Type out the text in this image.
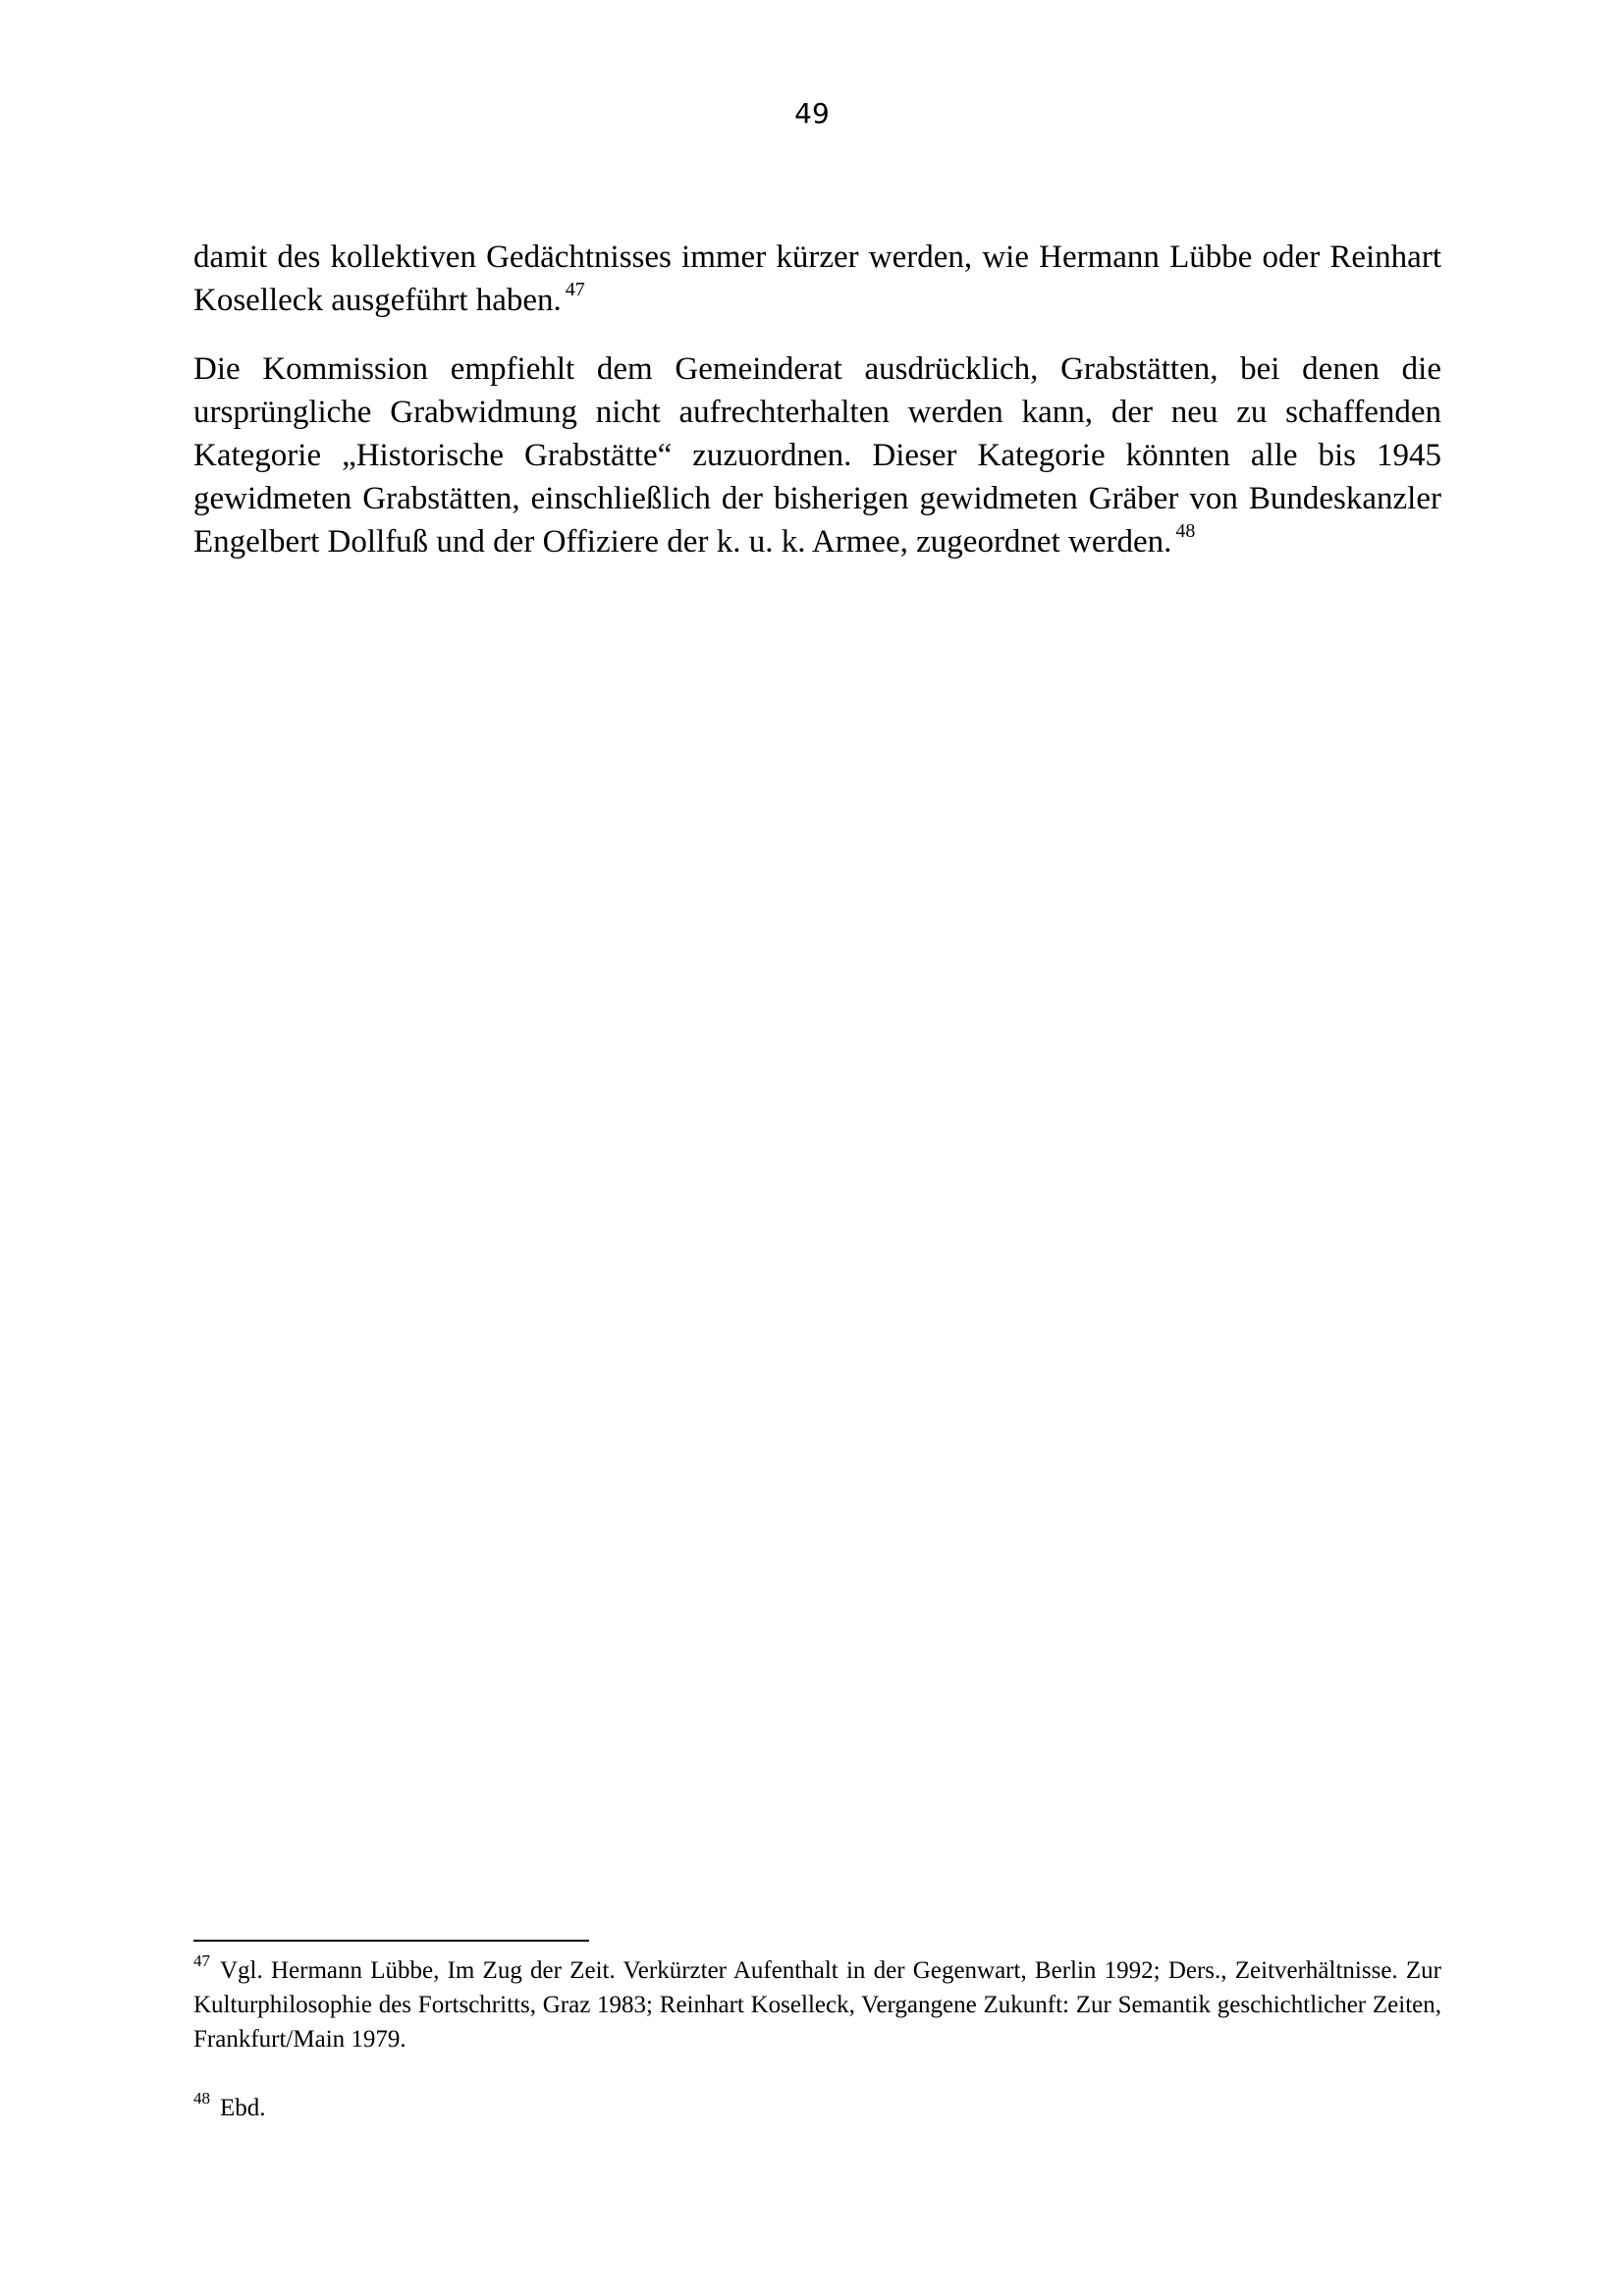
49

damit des kollektiven Gedächtnisses immer kürzer werden, wie Hermann Lübbe oder Reinhart Koselleck ausgeführt haben. $^{47}$

Die Kommission empfiehlt dem Gemeinderat ausdrücklich, Grabstätten, bei denen die ursprüngliche Grabwidmung nicht aufrechterhalten werden kann, der neu zu schaffenden Kategorie „Historische Grabstätte“ zuzuordnen. Dieser Kategorie könnten alle bis 1945 gewidmeten Grabstätten, einschließlich der bisherigen gewidmeten Gräber von Bundeskanzler Engelbert Dollfuß und der Offiziere der k. u. k. Armee, zugeordnet werden. $^{48}$

$^{47}$ Vgl. Hermann Lübbe, Im Zug der Zeit. Verkürzter Aufenthalt in der Gegenwart, Berlin 1992; Ders., Zeitverhältnisse. Zur Kulturphilosophie des Fortschritts, Graz 1983; Reinhart Koselleck, Vergangene Zukunft: Zur Semantik geschichtlicher Zeiten, Frankfurt/Main 1979.

$^{48}$ Ebd.
